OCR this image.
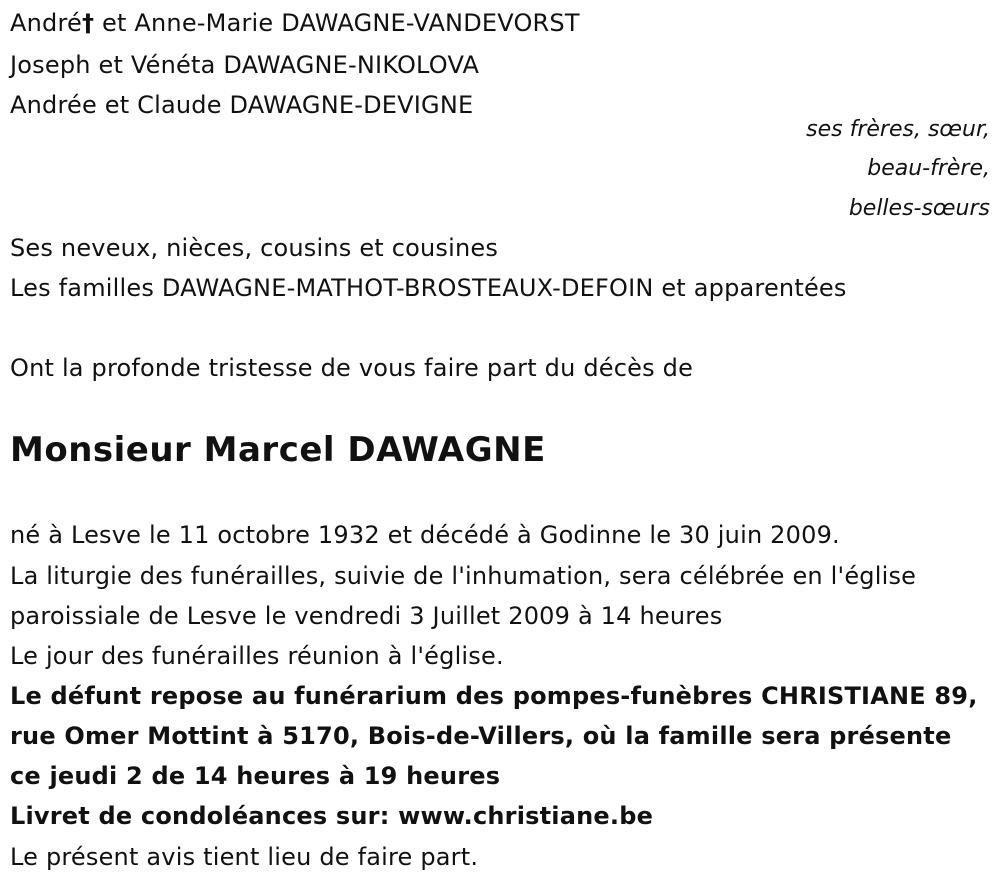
André† et Anne-Marie DAWAGNE-VANDEVORST
Joseph et Vénéta DAWAGNE-NIKOLOVA
Andrée et Claude DAWAGNE-DEVIGNE
ses frères, sœur,
beau-frère,
belles-sœurs
Ses neveux, nièces, cousins et cousines
Les familles DAWAGNE-MATHOT-BROSTEAUX-DEFOIN et apparentées
Ont la profonde tristesse de vous faire part du décès de
Monsieur Marcel DAWAGNE
né à Lesve le 11 octobre 1932 et décédé à Godinne le 30 juin 2009.
La liturgie des funérailles, suivie de l'inhumation, sera célébrée en l'église
paroissiale de Lesve le vendredi 3 Juillet 2009 à 14 heures
Le jour des funérailles réunion à l'église.
Le défunt repose au funérarium des pompes-funèbres CHRISTIANE 89,
rue Omer Mottint à 5170, Bois-de-Villers, où la famille sera présente
ce jeudi 2 de 14 heures à 19 heures
Livret de condoléances sur: www.christiane.be
Le présent avis tient lieu de faire part.
